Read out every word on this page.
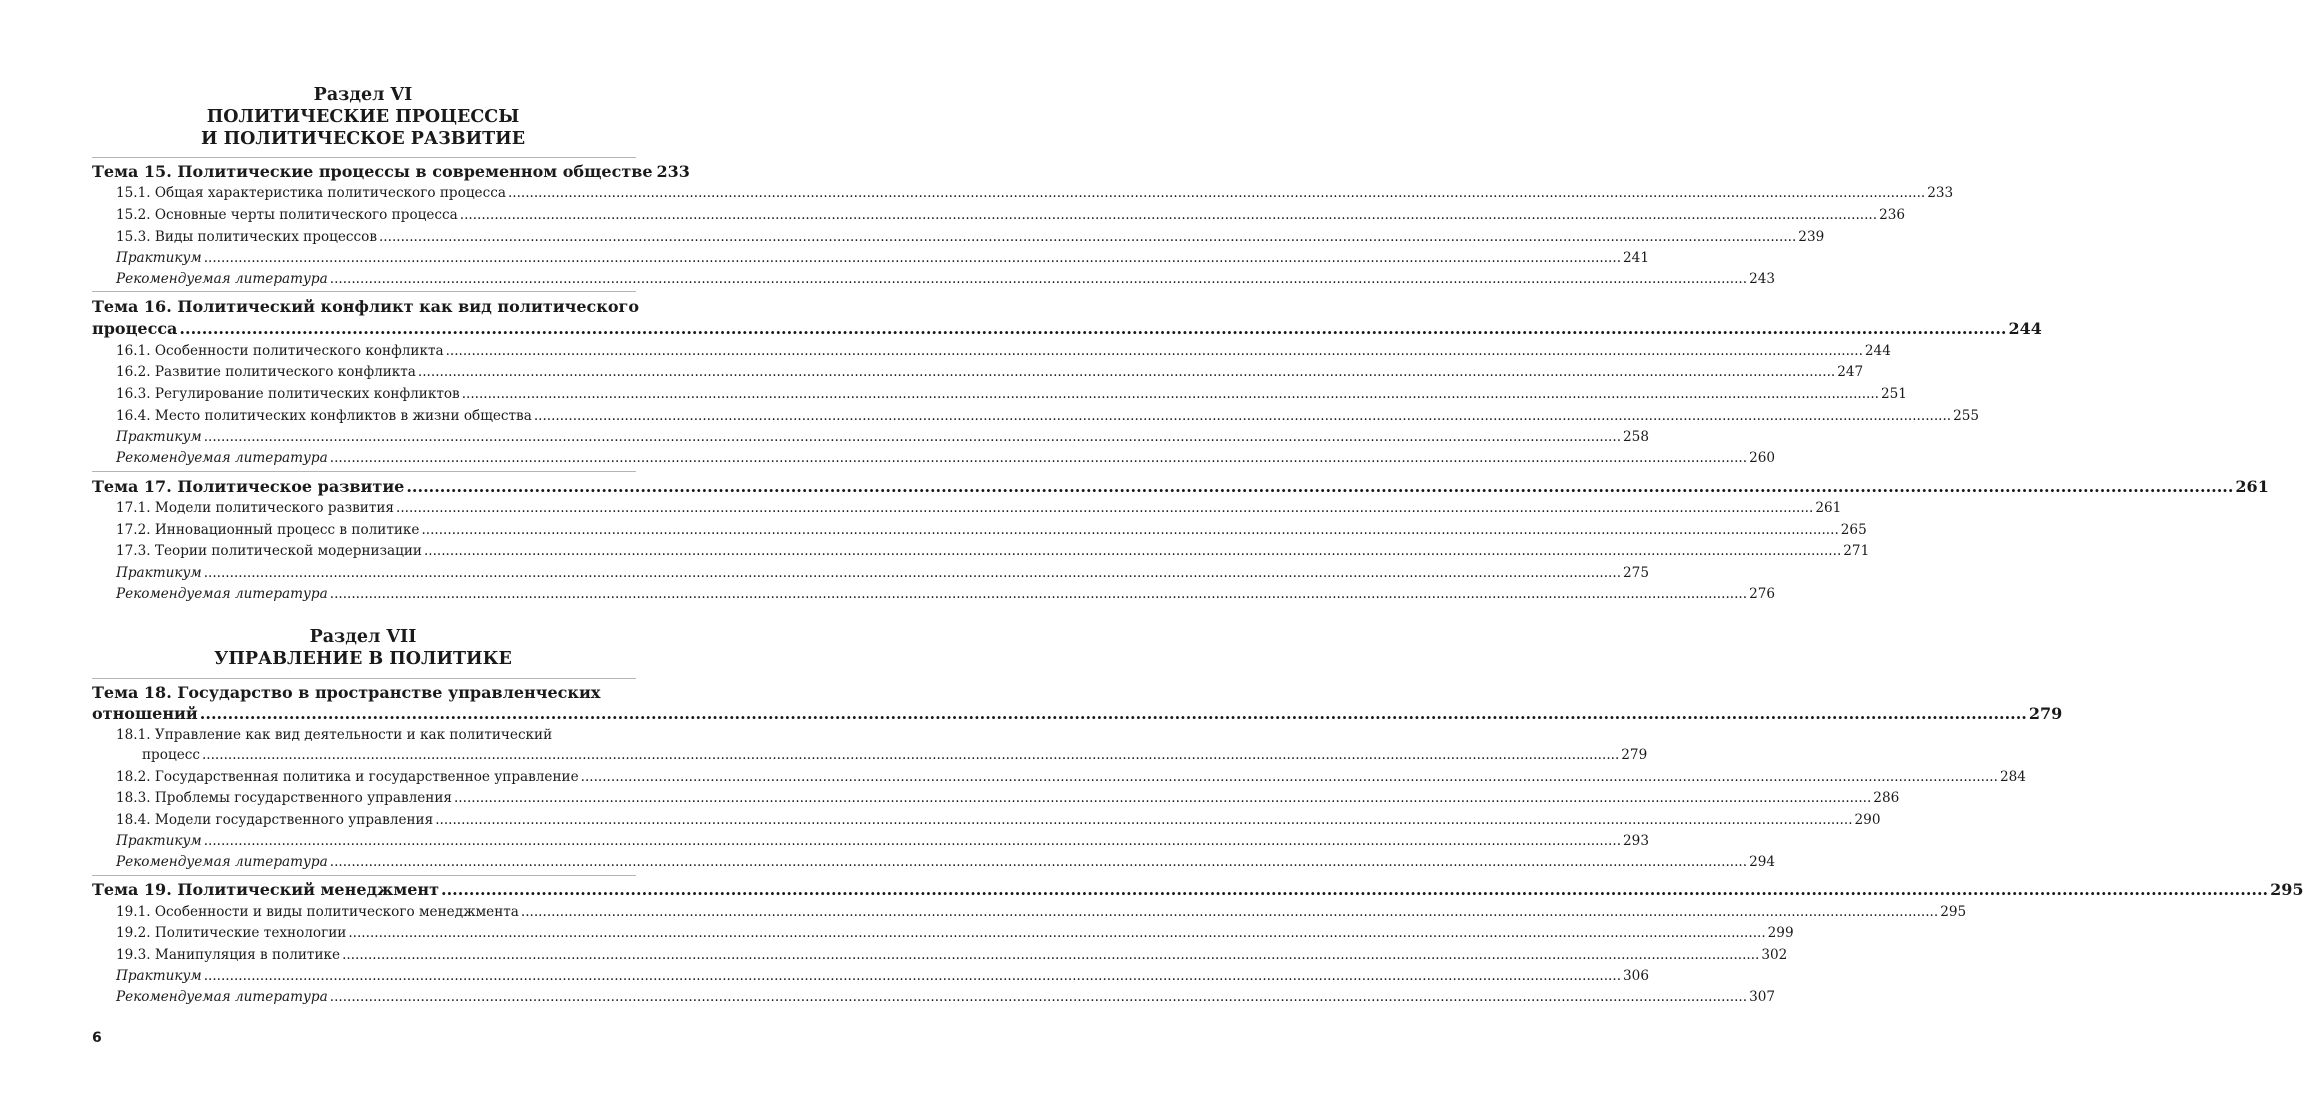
Раздел VI
ПОЛИТИЧЕСКИЕ ПРОЦЕССЫ
И ПОЛИТИЧЕСКОЕ РАЗВИТИЕ
Тема 15. Политические процессы в современном обществе 233
15.1. Общая характеристика политического процесса .....	233
15.2. Основные черты политического процесса .....	236
15.3. Виды политических процессов .....	239
Практикум .....	241
Рекомендуемая литература .....	243
Тема 16. Политический конфликт как вид политического
процесса .....	244
16.1. Особенности политического конфликта .....	244
16.2. Развитие политического конфликта .....	247
16.3. Регулирование политических конфликтов .....	251
16.4. Место политических конфликтов в жизни общества .....	255
Практикум .....	258
Рекомендуемая литература .....	260
Тема 17. Политическое развитие .....	261
17.1. Модели политического развития .....	261
17.2. Инновационный процесс в политике .....	265
17.3. Теории политической модернизации .....	271
Практикум .....	275
Рекомендуемая литература .....	276
Раздел VII
УПРАВЛЕНИЕ В ПОЛИТИКЕ
Тема 18. Государство в пространстве управленческих
отношений .....	279
18.1. Управление как вид деятельности и как политический
процесс .....	279
18.2. Государственная политика и государственное управление .....	284
18.3. Проблемы государственного управления .....	286
18.4. Модели государственного управления .....	290
Практикум .....	293
Рекомендуемая литература .....	294
Тема 19. Политический менеджмент .....	295
19.1. Особенности и виды политического менеджмента .....	295
19.2. Политические технологии .....	299
19.3. Манипуляция в политике .....	302
Практикум .....	306
Рекомендуемая литература .....	307
6
